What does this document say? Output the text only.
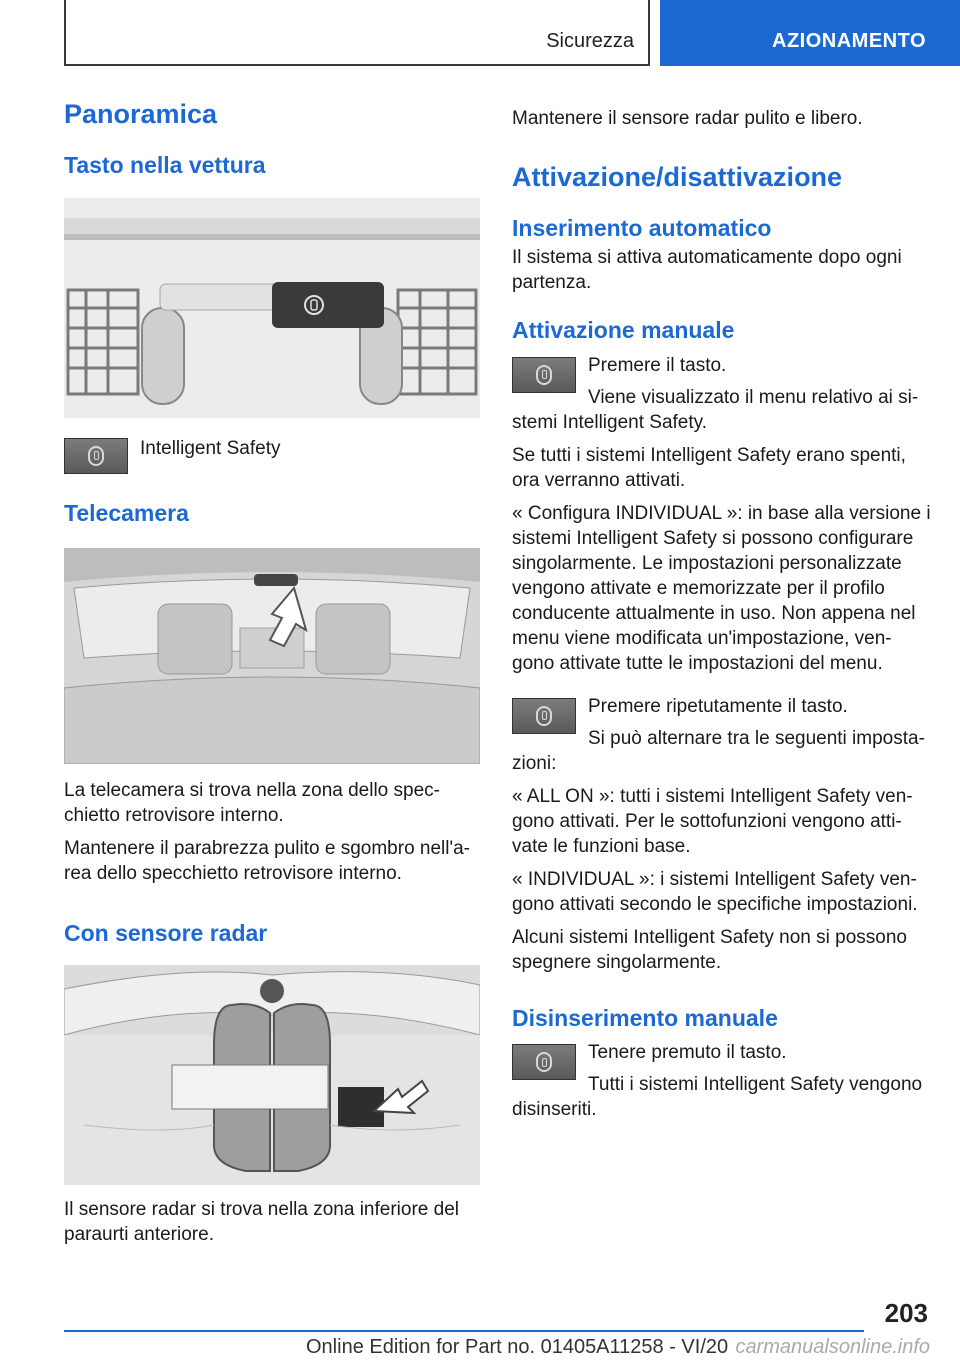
Sicurezza	AZIONAMENTO
Panoramica
Tasto nella vettura

Intelligent Safety

Telecamera

La telecamera si trova nella zona dello spec-chietto retrovisore interno.

Mantenere il parabrezza pulito e sgombro nell'a-rea dello specchietto retrovisore interno.

Con sensore radar

Il sensore radar si trova nella zona inferiore del paraurti anteriore.

Mantenere il sensore radar pulito e libero.

Attivazione/disattivazione
Inserimento automatico

Il sistema si attiva automaticamente dopo ogni partenza.

Attivazione manuale

Premere il tasto.

Viene visualizzato il menu relativo ai si-

stemi Intelligent Safety.

Se tutti i sistemi Intelligent Safety erano spenti, ora verranno attivati.

« Configura INDIVIDUAL »: in base alla versione i sistemi Intelligent Safety si possono configurare singolarmente. Le impostazioni personalizzate vengono attivate e memorizzate per il profilo conducente attualmente in uso. Non appena nel menu viene modificata un'impostazione, ven-gono attivate tutte le impostazioni del menu.

Premere ripetutamente il tasto.

Si può alternare tra le seguenti imposta-

zioni:

« ALL ON »: tutti i sistemi Intelligent Safety ven-gono attivati. Per le sottofunzioni vengono atti-vate le funzioni base.

« INDIVIDUAL »: i sistemi Intelligent Safety ven-gono attivati secondo le specifiche impostazioni.

Alcuni sistemi Intelligent Safety non si possono spegnere singolarmente.

Disinserimento manuale

Tenere premuto il tasto.

Tutti i sistemi Intelligent Safety vengono

disinseriti.

203
Online Edition for Part no. 01405A11258 - VI/20 carmanualsonline.info
